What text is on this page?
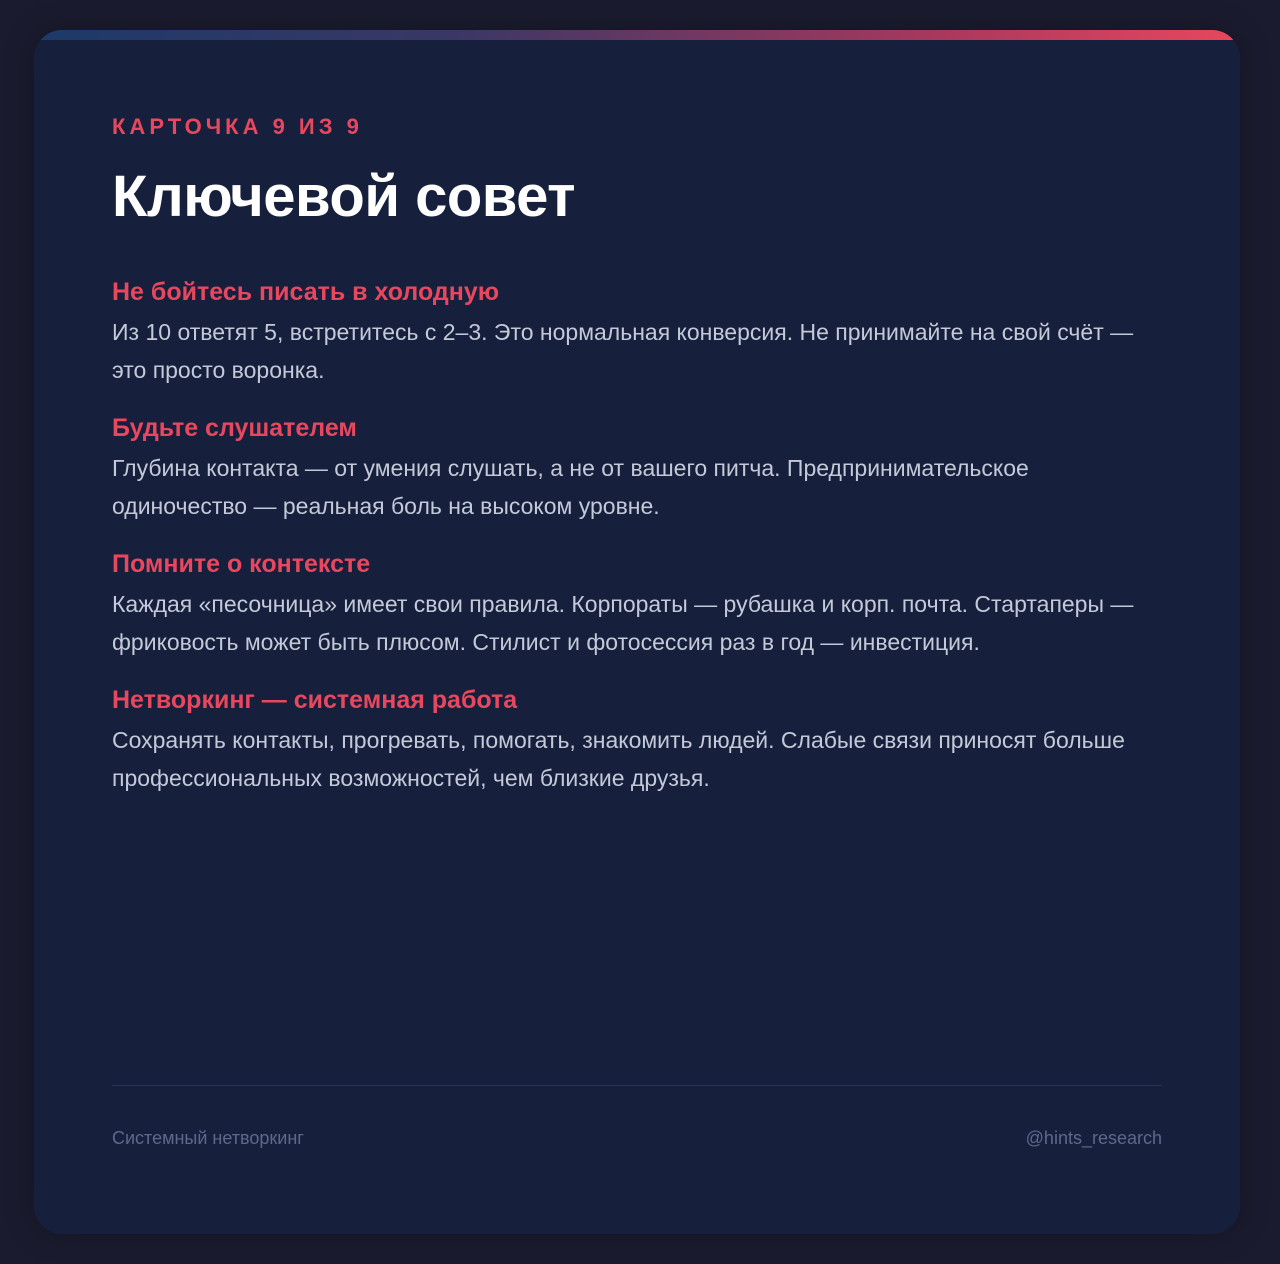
КАРТОЧКА 9 ИЗ 9
Ключевой совет

Не бойтесь писать в холодную

Из 10 ответят 5, встретитесь с 2–3. Это нормальная конверсия. Не принимайте на свой счёт — это просто воронка.

Будьте слушателем

Глубина контакта — от умения слушать, а не от вашего питча. Предпринимательское одиночество — реальная боль на высоком уровне.

Помните о контексте

Каждая «песочница» имеет свои правила. Корпораты — рубашка и корп. почта. Стартаперы — фриковость может быть плюсом. Стилист и фотосессия раз в год — инвестиция.

Нетворкинг — системная работа

Сохранять контакты, прогревать, помогать, знакомить людей. Слабые связи приносят больше профессиональных возможностей, чем близкие друзья.

Системный нетворкинг	@hints_research
